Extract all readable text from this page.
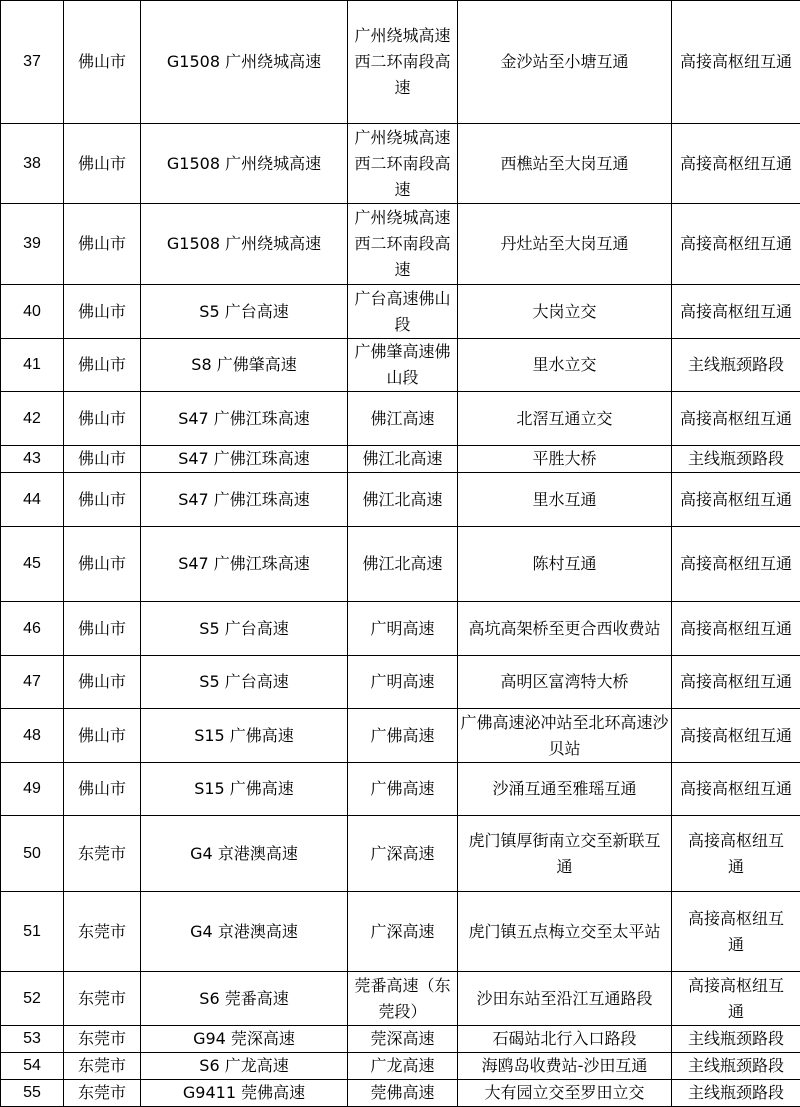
37	佛山市	G1508 广州绕城高速	广州绕城高速西二环南段高速	金沙站至小塘互通	高接高枢纽互通
38	佛山市	G1508 广州绕城高速	广州绕城高速西二环南段高速	西樵站至大岗互通	高接高枢纽互通
39	佛山市	G1508 广州绕城高速	广州绕城高速西二环南段高速	丹灶站至大岗互通	高接高枢纽互通
40	佛山市	S5 广台高速	广台高速佛山段	大岗立交	高接高枢纽互通
41	佛山市	S8 广佛肇高速	广佛肇高速佛山段	里水立交	主线瓶颈路段
42	佛山市	S47 广佛江珠高速	佛江高速	北滘互通立交	高接高枢纽互通
43	佛山市	S47 广佛江珠高速	佛江北高速	平胜大桥	主线瓶颈路段
44	佛山市	S47 广佛江珠高速	佛江北高速	里水互通	高接高枢纽互通
45	佛山市	S47 广佛江珠高速	佛江北高速	陈村互通	高接高枢纽互通
46	佛山市	S5 广台高速	广明高速	高坑高架桥至更合西收费站	高接高枢纽互通
47	佛山市	S5 广台高速	广明高速	高明区富湾特大桥	高接高枢纽互通
48	佛山市	S15 广佛高速	广佛高速	广佛高速泌冲站至北环高速沙贝站	高接高枢纽互通
49	佛山市	S15 广佛高速	广佛高速	沙涌互通至雅瑶互通	高接高枢纽互通
50	东莞市	G4 京港澳高速	广深高速	虎门镇厚街南立交至新联互通	高接高枢纽互通
51	东莞市	G4 京港澳高速	广深高速	虎门镇五点梅立交至太平站	高接高枢纽互通
52	东莞市	S6 莞番高速	莞番高速（东莞段）	沙田东站至沿江互通路段	高接高枢纽互通
53	东莞市	G94 莞深高速	莞深高速	石碣站北行入口路段	主线瓶颈路段
54	东莞市	S6 广龙高速	广龙高速	海鸥岛收费站-沙田互通	主线瓶颈路段
55	东莞市	G9411 莞佛高速	莞佛高速	大有园立交至罗田立交	主线瓶颈路段
